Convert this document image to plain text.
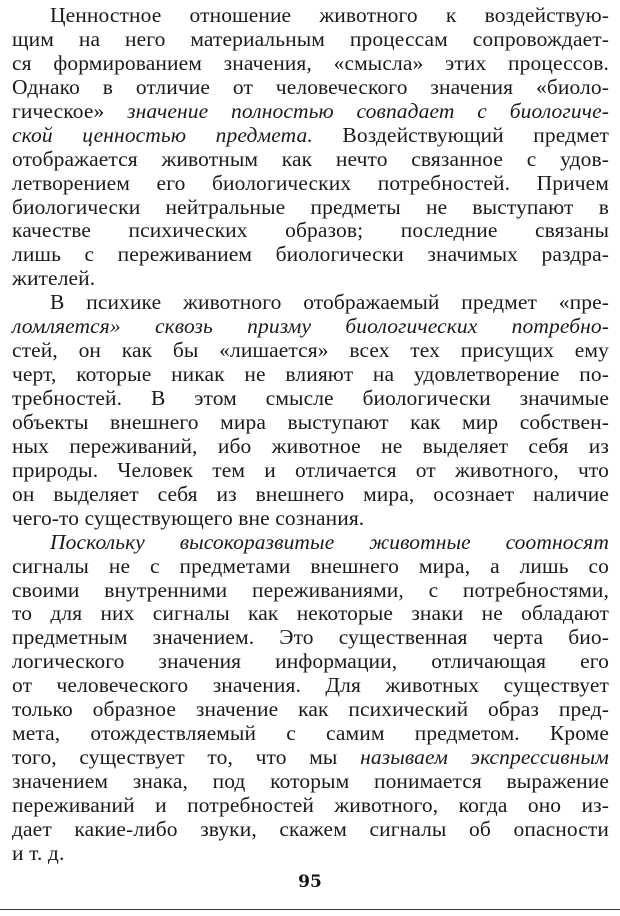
Ценностное отношение животного к воздействую-
щим на него материальным процессам сопровождает-
ся формированием значения, «смысла» этих процессов.
Однако в отличие от человеческого значения «биоло-
гическое» значение полностью совпадает с биологиче-
ской ценностью предмета. Воздействующий предмет
отображается животным как нечто связанное с удов-
летворением его биологических потребностей. Причем
биологически нейтральные предметы не выступают в
качестве психических образов; последние связаны
лишь с переживанием биологически значимых раздра-
жителей.
В психике животного отображаемый предмет «пре-
ломляется» сквозь призму биологических потребно-
стей, он как бы «лишается» всех тех присущих ему
черт, которые никак не влияют на удовлетворение по-
требностей. В этом смысле биологически значимые
объекты внешнего мира выступают как мир собствен-
ных переживаний, ибо животное не выделяет себя из
природы. Человек тем и отличается от животного, что
он выделяет себя из внешнего мира, осознает наличие
чего-то существующего вне сознания.
Поскольку высокоразвитые животные соотносят
сигналы не с предметами внешнего мира, а лишь со
своими внутренними переживаниями, с потребностями,
то для них сигналы как некоторые знаки не обладают
предметным значением. Это существенная черта био-
логического значения информации, отличающая его
от человеческого значения. Для животных существует
только образное значение как психический образ пред-
мета, отождествляемый с самим предметом. Кроме
того, существует то, что мы называем экспрессивным
значением знака, под которым понимается выражение
переживаний и потребностей животного, когда оно из-
дает какие-либо звуки, скажем сигналы об опасности
и т. д.
95
